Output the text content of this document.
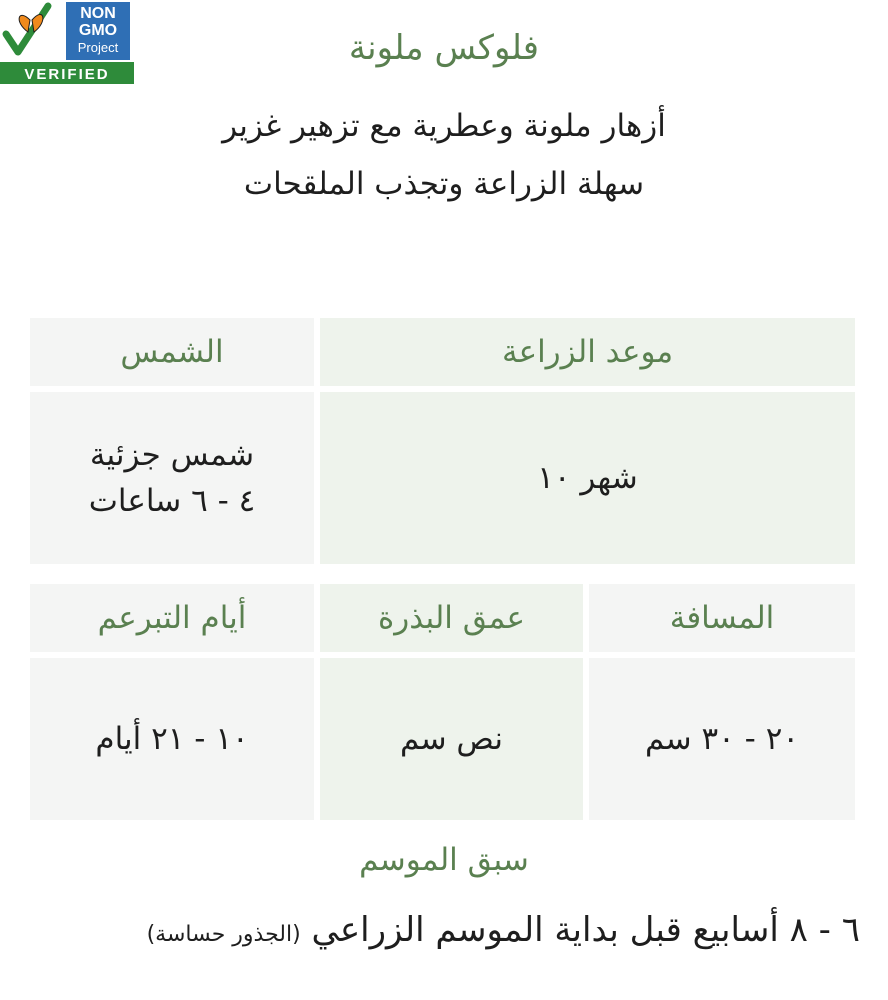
NON
GMO
Project
VERIFIED
فلوكس ملونة
أزهار ملونة وعطرية مع تزهير غزير
سهلة الزراعة وتجذب الملقحات
موعد الزراعة
الشمس
شهر ١٠
شمس جزئية
٤ - ٦ ساعات
المسافة
عمق البذرة
أيام التبرعم
٢٠ - ٣٠ سم
نص سم
١٠ - ٢١ أيام
سبق الموسم
٦ - ٨ أسابيع قبل بداية الموسم الزراعي (الجذور حساسة)
